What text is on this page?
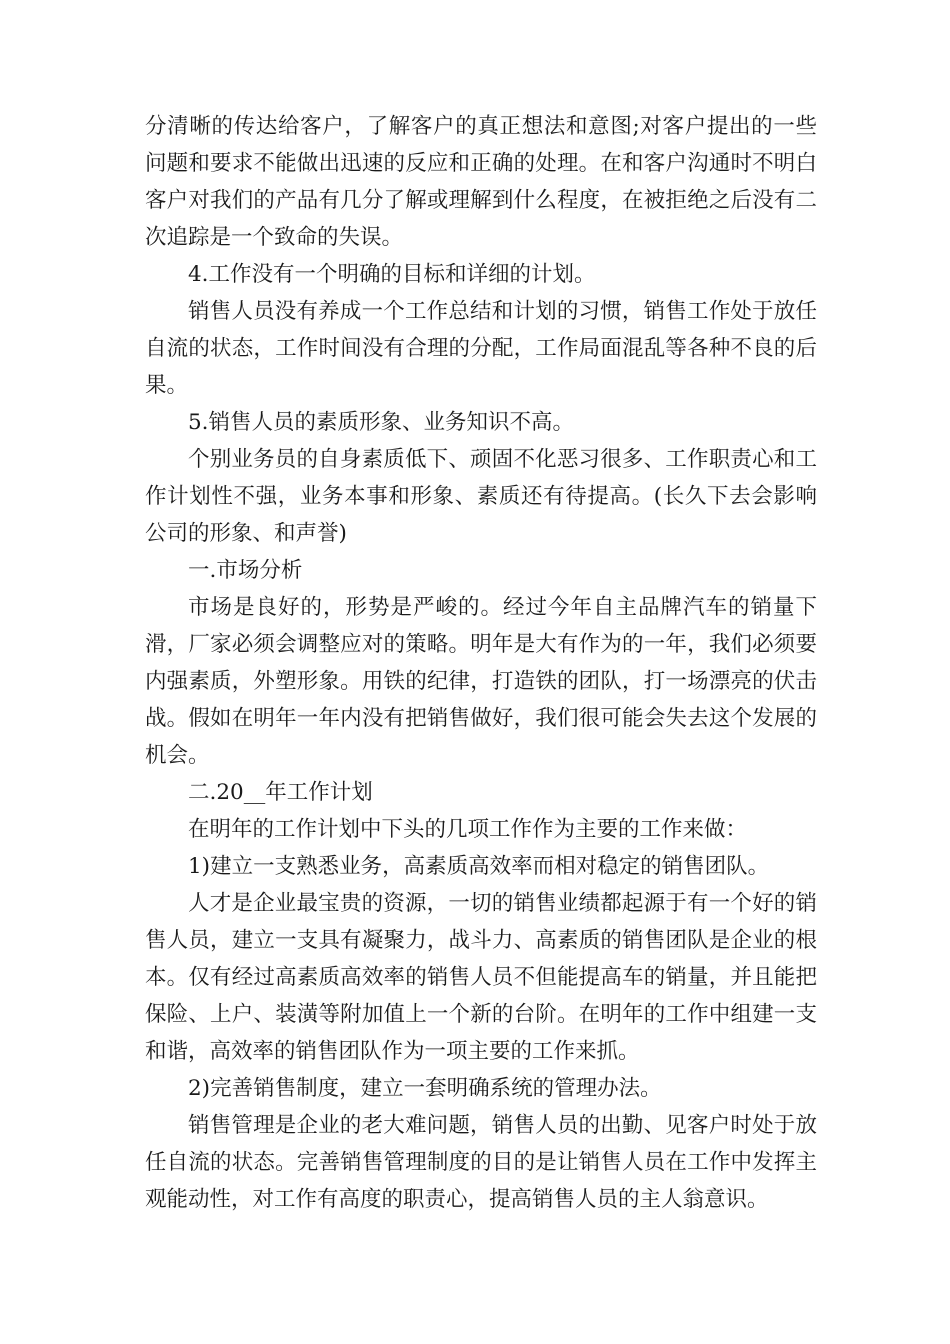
分清晰的传达给客户，了解客户的真正想法和意图;对客户提出的一些问题和要求不能做出迅速的反应和正确的处理。在和客户沟通时不明白客户对我们的产品有几分了解或理解到什么程度，在被拒绝之后没有二次追踪是一个致命的失误。

4.工作没有一个明确的目标和详细的计划。

销售人员没有养成一个工作总结和计划的习惯，销售工作处于放任自流的状态，工作时间没有合理的分配，工作局面混乱等各种不良的后果。

5.销售人员的素质形象、业务知识不高。

个别业务员的自身素质低下、顽固不化恶习很多、工作职责心和工作计划性不强，业务本事和形象、素质还有待提高。(长久下去会影响公司的形象、和声誉)

一.市场分析

市场是良好的，形势是严峻的。经过今年自主品牌汽车的销量下滑，厂家必须会调整应对的策略。明年是大有作为的一年，我们必须要内强素质，外塑形象。用铁的纪律，打造铁的团队，打一场漂亮的伏击战。假如在明年一年内没有把销售做好，我们很可能会失去这个发展的机会。

二.20__年工作计划

在明年的工作计划中下头的几项工作作为主要的工作来做：

1)建立一支熟悉业务，高素质高效率而相对稳定的销售团队。

人才是企业最宝贵的资源，一切的销售业绩都起源于有一个好的销售人员，建立一支具有凝聚力，战斗力、高素质的销售团队是企业的根本。仅有经过高素质高效率的销售人员不但能提高车的销量，并且能把保险、上户、装潢等附加值上一个新的台阶。在明年的工作中组建一支和谐，高效率的销售团队作为一项主要的工作来抓。

2)完善销售制度，建立一套明确系统的管理办法。

销售管理是企业的老大难问题，销售人员的出勤、见客户时处于放任自流的状态。完善销售管理制度的目的是让销售人员在工作中发挥主观能动性，对工作有高度的职责心，提高销售人员的主人翁意识。
